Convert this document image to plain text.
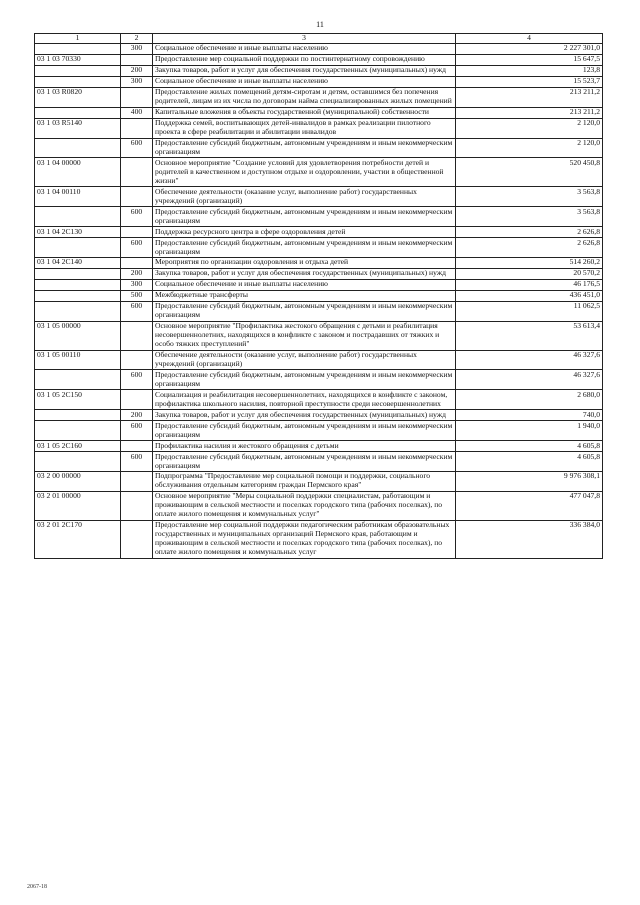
11
1	2	3	4
	300	Социальное обеспечение и иные выплаты населению	2 227 301,0
03 1 03 70330		Предоставление мер социальной поддержки по постинтернатному сопровождению	15 647,5
	200	Закупка товаров, работ и услуг для обеспечения государственных (муниципальных) нужд	123,8
	300	Социальное обеспечение и иные выплаты населению	15 523,7
03 1 03 R0820		Предоставление жилых помещений детям-сиротам и детям, оставшимся без попечения родителей, лицам из их числа по договорам найма специализированных жилых помещений	213 211,2
	400	Капитальные вложения в объекты государственной (муниципальной) собственности	213 211,2
03 1 03 R5140		Поддержка семей, воспитывающих детей-инвалидов в рамках реализации пилотного проекта в сфере реабилитации и абилитации инвалидов	2 120,0
	600	Предоставление субсидий бюджетным, автономным учреждениям и иным некоммерческим организациям	2 120,0
03 1 04 00000		Основное мероприятие "Создание условий для удовлетворения потребности детей и родителей в качественном и доступном отдыхе и оздоровлении, участии в общественной жизни"	520 450,8
03 1 04 00110		Обеспечение деятельности (оказание услуг, выполнение работ) государственных учреждений (организаций)	3 563,8
	600	Предоставление субсидий бюджетным, автономным учреждениям и иным некоммерческим организациям	3 563,8
03 1 04 2С130		Поддержка ресурсного центра в сфере оздоровления детей	2 626,8
	600	Предоставление субсидий бюджетным, автономным учреждениям и иным некоммерческим организациям	2 626,8
03 1 04 2С140		Мероприятия по организации оздоровления и отдыха детей	514 260,2
	200	Закупка товаров, работ и услуг для обеспечения государственных (муниципальных) нужд	20 570,2
	300	Социальное обеспечение и иные выплаты населению	46 176,5
	500	Межбюджетные трансферты	436 451,0
	600	Предоставление субсидий бюджетным, автономным учреждениям и иным некоммерческим организациям	11 062,5
03 1 05 00000		Основное мероприятие "Профилактика жестокого обращения с детьми и реабилитация несовершеннолетних, находящихся в конфликте с законом и пострадавших от тяжких и особо тяжких преступлений"	53 613,4
03 1 05 00110		Обеспечение деятельности (оказание услуг, выполнение работ) государственных учреждений (организаций)	46 327,6
	600	Предоставление субсидий бюджетным, автономным учреждениям и иным некоммерческим организациям	46 327,6
03 1 05 2С150		Социализация и реабилитация несовершеннолетних, находящихся в конфликте с законом, профилактика школьного насилия, повторной преступности среди несовершеннолетних	2 680,0
	200	Закупка товаров, работ и услуг для обеспечения государственных (муниципальных) нужд	740,0
	600	Предоставление субсидий бюджетным, автономным учреждениям и иным некоммерческим организациям	1 940,0
03 1 05 2С160		Профилактика насилия и жестокого обращения с детьми	4 605,8
	600	Предоставление субсидий бюджетным, автономным учреждениям и иным некоммерческим организациям	4 605,8
03 2 00 00000		Подпрограмма "Предоставление мер социальной помощи и поддержки, социального обслуживания отдельным категориям граждан Пермского края"	9 976 308,1
03 2 01 00000		Основное мероприятие "Меры социальной поддержки специалистам, работающим и проживающим в сельской местности и поселках городского типа (рабочих поселках), по оплате жилого помещения и коммунальных услуг"	477 047,8
03 2 01 2С170		Предоставление мер социальной поддержки педагогическим работникам образовательных государственных и муниципальных организаций Пермского края, работающим и проживающим в сельской местности и поселках городского типа (рабочих поселках), по оплате жилого помещения и коммунальных услуг	336 384,0
2067-18
